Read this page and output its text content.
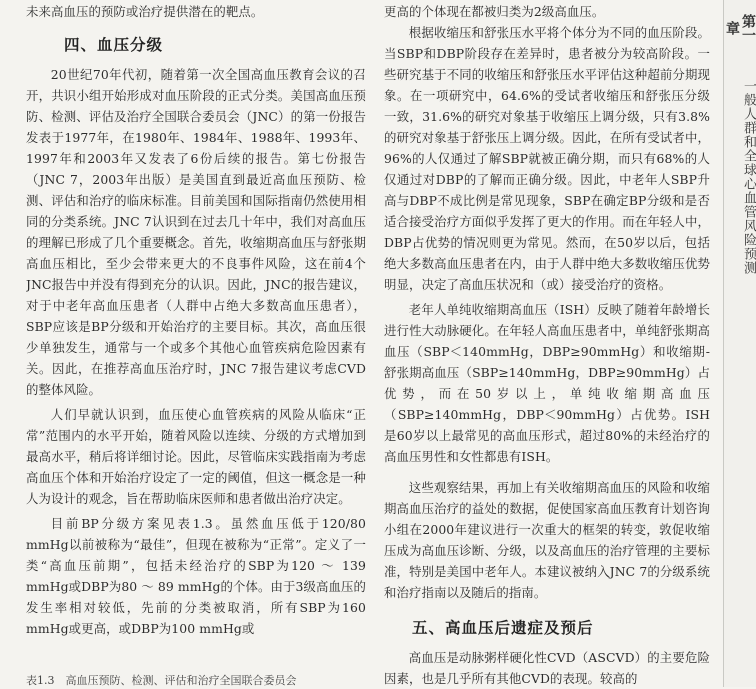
未来高血压的预防或治疗提供潜在的靶点。

四、血压分级

20世纪70年代初，随着第一次全国高血压教育会议的召开，共识小组开始形成对血压阶段的正式分类。美国高血压预防、检测、评估及治疗全国联合委员会（JNC）的第一份报告发表于1977年，在1980年、1984年、1988年、1993年、1997年和2003年又发表了6份后续的报告。第七份报告（JNC 7，2003年出版）是美国直到最近高血压预防、检测、评估和治疗的临床标准。目前美国和国际指南仍然使用相同的分类系统。JNC 7认识到在过去几十年中，我们对高血压的理解已形成了几个重要概念。首先，收缩期高血压与舒张期高血压相比，至少会带来更大的不良事件风险，这在前4个JNC报告中并没有得到充分的认识。因此，JNC的报告建议，对于中老年高血压患者（人群中占绝大多数高血压患者），SBP应该是BP分级和开始治疗的主要目标。其次，高血压很少单独发生，通常与一个或多个其他心血管疾病危险因素有关。因此，在推荐高血压治疗时，JNC 7报告建议考虑CVD的整体风险。

人们早就认识到，血压使心血管疾病的风险从临床“正常”范围内的水平开始，随着风险以连续、分级的方式增加到最高水平，稍后将详细讨论。因此，尽管临床实践指南为考虑高血压个体和开始治疗设定了一定的阈值，但这一概念是一种人为设计的观念，旨在帮助临床医师和患者做出治疗决定。

目前BP分级方案见表1.3。虽然血压低于120/80 mmHg以前被称为“最佳”，但现在被称为“正常”。定义了一类“高血压前期”，包括未经治疗的SBP为120 ～ 139 mmHg或DBP为80 ～ 89 mmHg的个体。由于3级高血压的发生率相对较低，先前的分类被取消，所有SBP为160 mmHg或更高，或DBP为100 mmHg或

表1.3　高血压预防、检测、评估和治疗全国联合委员会

更高的个体现在都被归类为2级高血压。

根据收缩压和舒张压水平将个体分为不同的血压阶段。当SBP和DBP阶段存在差异时，患者被分为较高阶段。一些研究基于不同的收缩压和舒张压水平评估这种超前分期现象。在一项研究中，64.6%的受试者收缩压和舒张压分级一致，31.6%的研究对象基于收缩压上调分级，只有3.8%的研究对象基于舒张压上调分级。因此，在所有受试者中，96%的人仅通过了解SBP就被正确分期，而只有68%的人仅通过对DBP的了解而正确分级。因此，中老年人SBP升高与DBP不成比例是常见现象，SBP在确定BP分级和是否适合接受治疗方面似乎发挥了更大的作用。而在年轻人中，DBP占优势的情况则更为常见。然而，在50岁以后，包括绝大多数高血压患者在内，由于人群中绝大多数收缩压优势明显，决定了高血压状况和（或）接受治疗的资格。

老年人单纯收缩期高血压（ISH）反映了随着年龄增长进行性大动脉硬化。在年轻人高血压患者中，单纯舒张期高血压（SBP＜140mmHg，DBP≥90mmHg）和收缩期-舒张期高血压（SBP≥140mmHg，DBP≥90mmHg）占优势，而在50岁以上，单纯收缩期高血压（SBP≥140mmHg，DBP＜90mmHg）占优势。ISH是60岁以上最常见的高血压形式，超过80%的未经治疗的高血压男性和女性都患有ISH。

这些观察结果，再加上有关收缩期高血压的风险和收缩期高血压治疗的益处的数据，促使国家高血压教育计划咨询小组在2000年建议进行一次重大的框架的转变，敦促收缩压成为高血压诊断、分级，以及高血压的治疗管理的主要标准，特别是美国中老年人。本建议被纳入JNC 7的分级系统和治疗指南以及随后的指南。

五、高血压后遗症及预后

高血压是动脉粥样硬化性CVD（ASCVD）的主要危险因素，也是几乎所有其他CVD的表现。较高的

第一章
一般人群和全球心血管风险预测
